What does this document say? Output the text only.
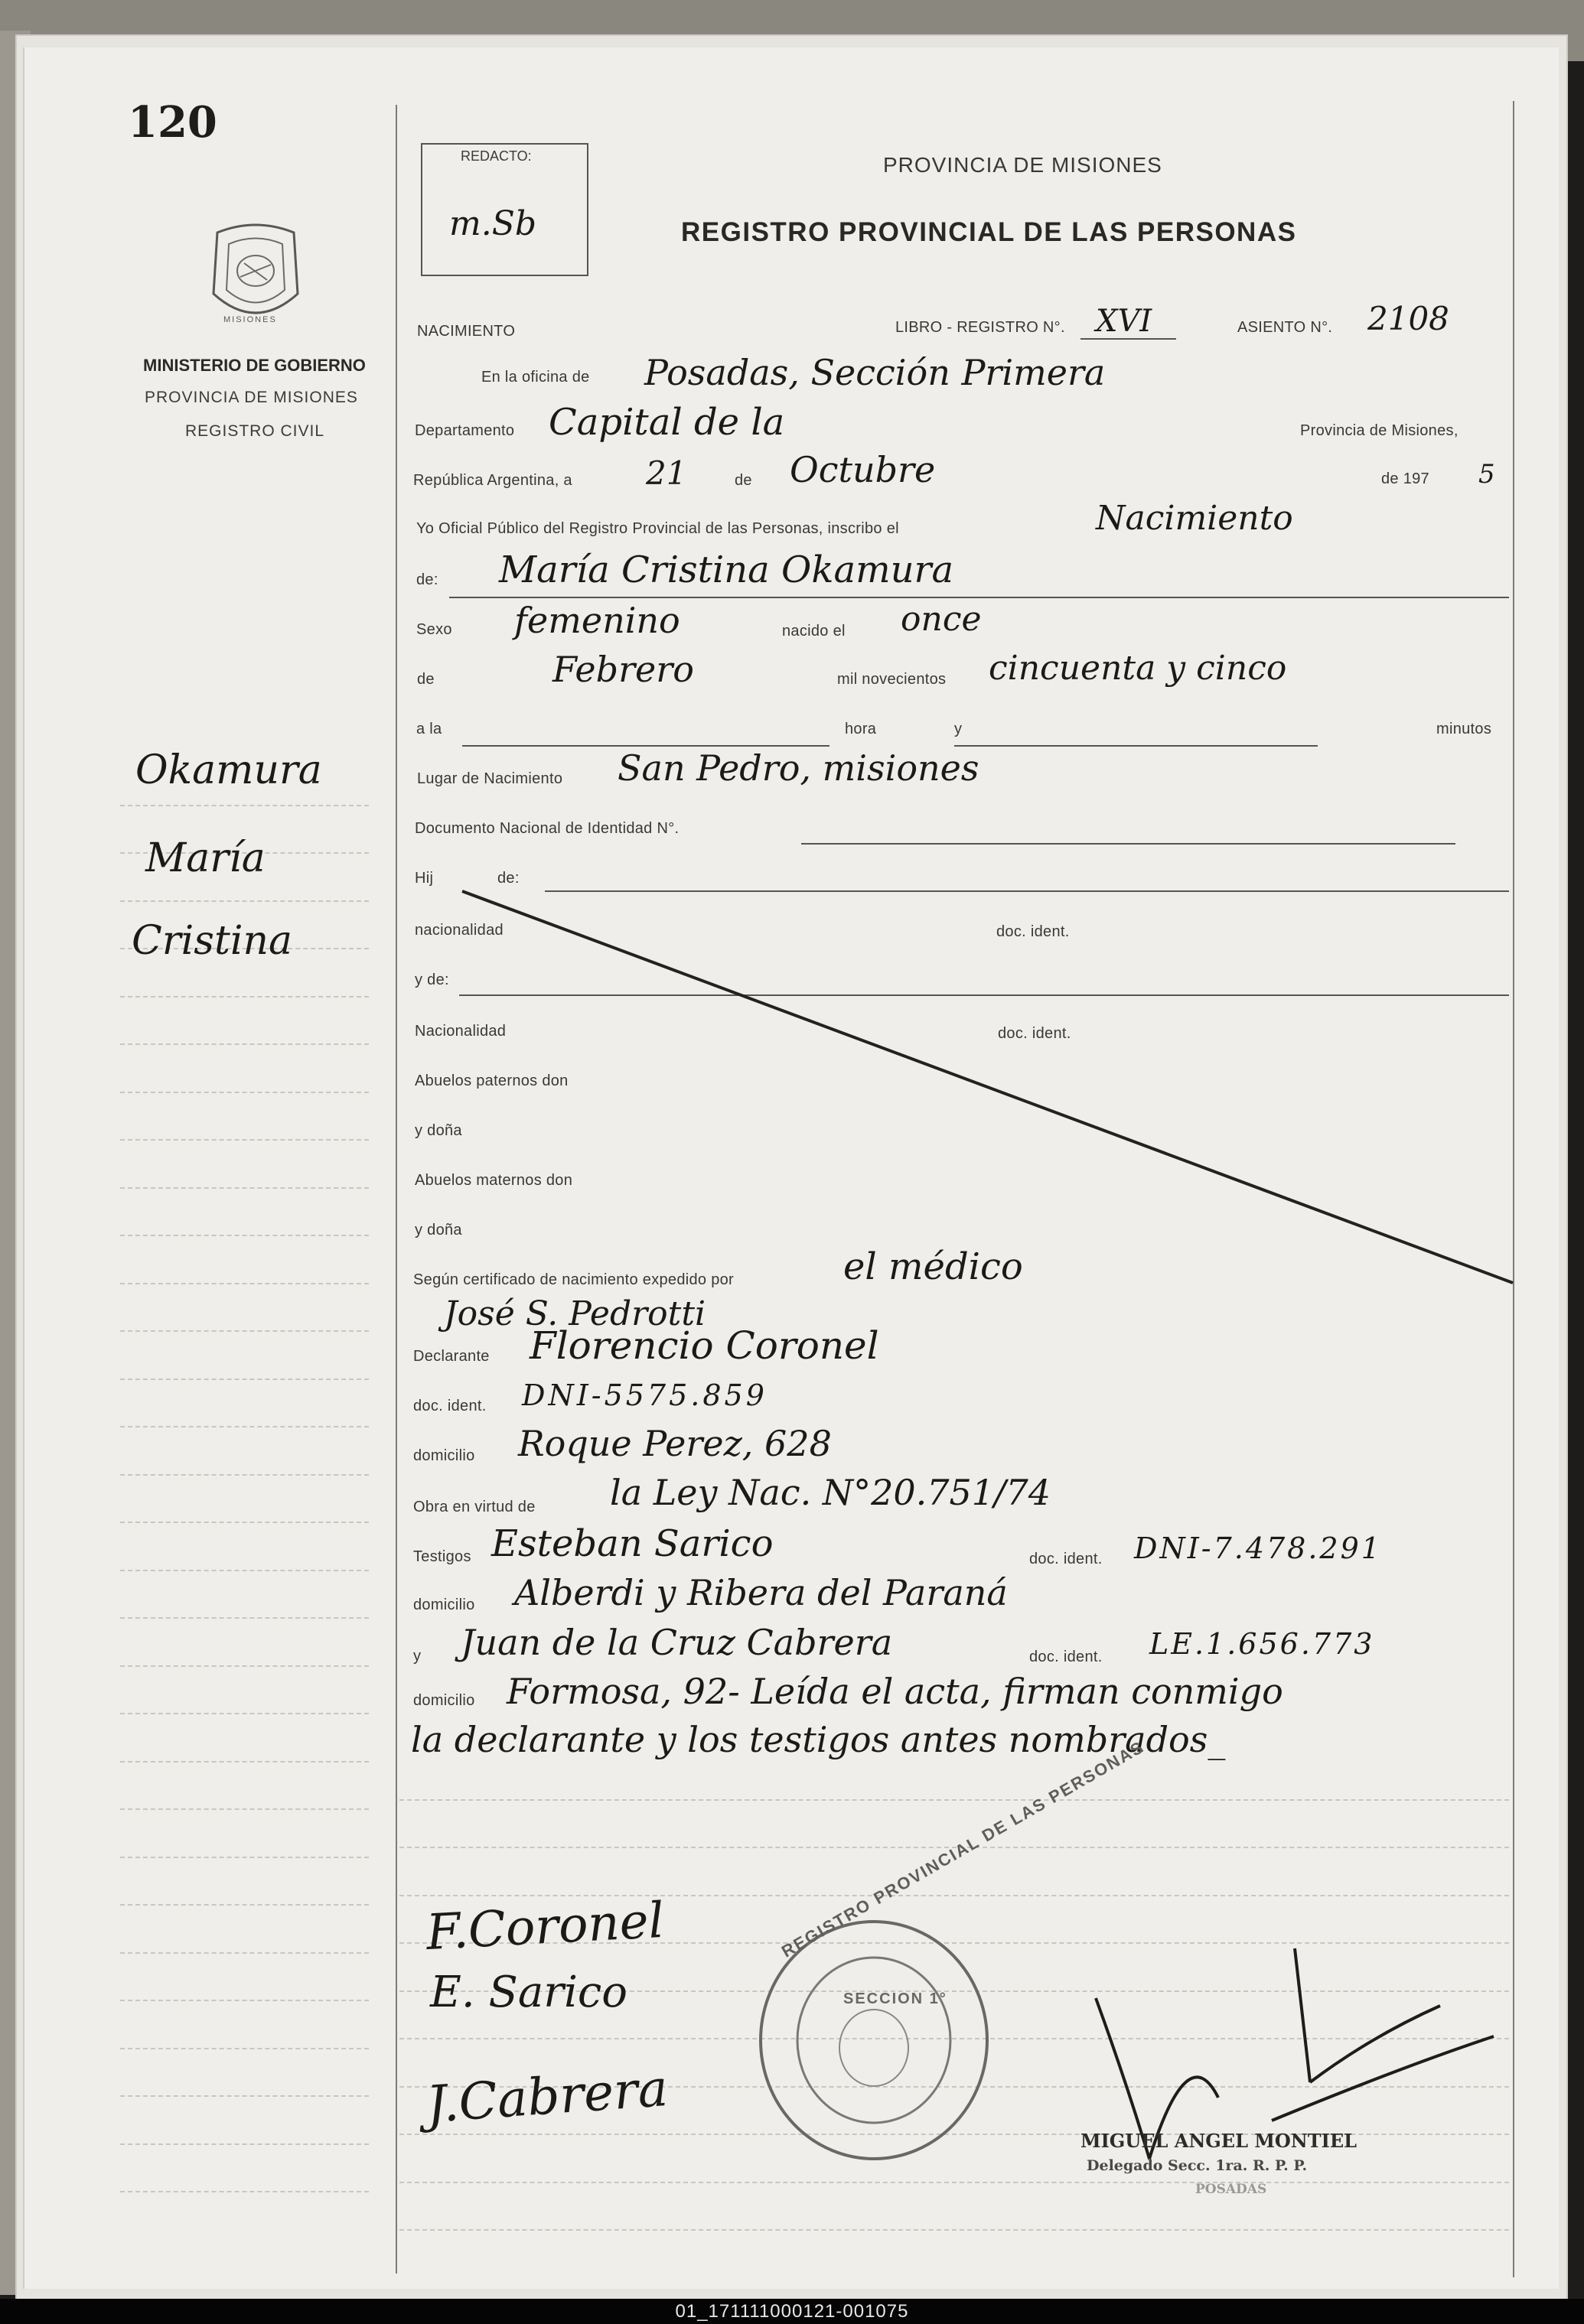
120
MISIONES
MINISTERIO DE GOBIERNO
PROVINCIA DE MISIONES
REGISTRO CIVIL
Okamura
María
Cristina
REDACTO:
m.Sb
PROVINCIA DE MISIONES
REGISTRO PROVINCIAL DE LAS PERSONAS
NACIMIENTO	LIBRO - REGISTRO N°. XVI	ASIENTO N°. 2108
En la oficina de Posadas, Sección Primera
Departamento Capital de la	Provincia de Misiones,
República Argentina, a 21	de Octubre	de 197 5
Yo Oficial Público del Registro Provincial de las Personas, inscribo el	Nacimiento
de: María Cristina Okamura
Sexo femenino	nacido el once
de	Febrero	mil novecientos cincuenta y cinco
a la	hora	y	minutos
Lugar de Nacimiento San Pedro, misiones
Documento Nacional de Identidad N°.
Hij	de:
nacionalidad	doc. ident.
y de:
Nacionalidad	doc. ident.
Abuelos paternos don
y doña
Abuelos maternos don
y doña
Según certificado de nacimiento expedido por	el médico
José S. Pedrotti
Declarante Florencio Coronel
doc. ident. DNI-5575.859
domicilio Roque Perez, 628
Obra en virtud de la Ley Nac. N°20.751/74
Testigos Esteban Sarico	doc. ident. DNI-7.478.291
domicilio Alberdi y Ribera del Paraná
y Juan de la Cruz Cabrera	doc. ident. LE.1.656.773
domicilio Formosa, 92- Leída el acta, firman conmigo
la declarante y los testigos antes nombrados_
F.Coronel
E. Sarico
J.Cabrera
REGISTRO PROVINCIAL DE LAS PERSONAS
SECCION 1°
MIGUEL ANGEL MONTIEL
Delegado Secc. 1ra. R. P. P.
POSADAS
01_171111000121-001075
